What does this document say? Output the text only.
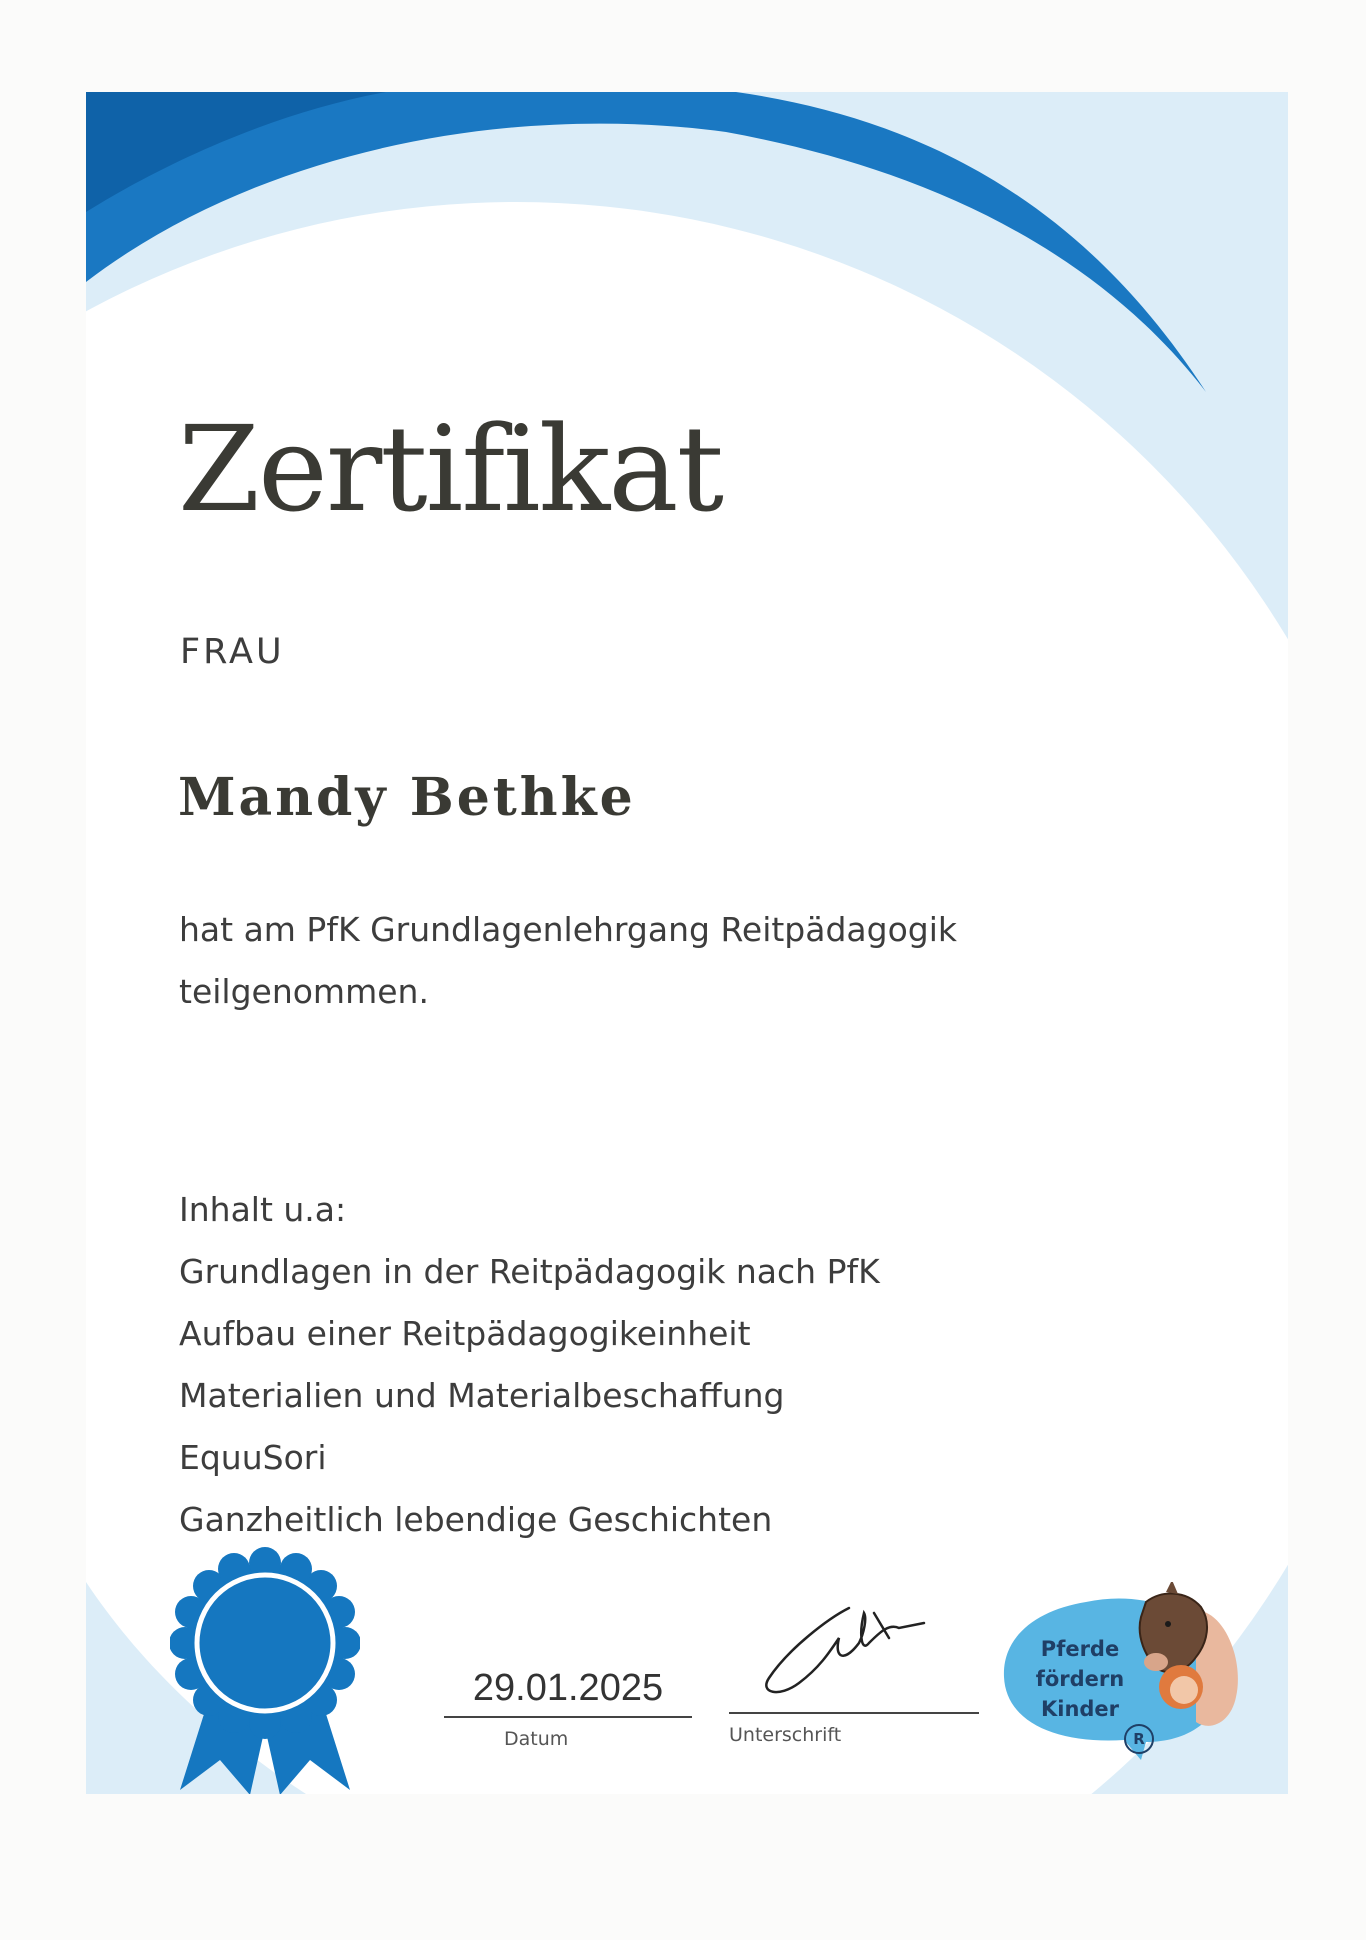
Zertifikat
FRAU
Mandy Bethke
hat am PfK Grundlagenlehrgang Reitpädagogik
teilgenommen.
Inhalt u.a:
Grundlagen in der Reitpädagogik nach PfK
Aufbau einer Reitpädagogikeinheit
Materialien und Materialbeschaffung
EquuSori
Ganzheitlich lebendige Geschichten
29.01.2025
Datum	Unterschrift
Pferde
fördern
Kinder
R
